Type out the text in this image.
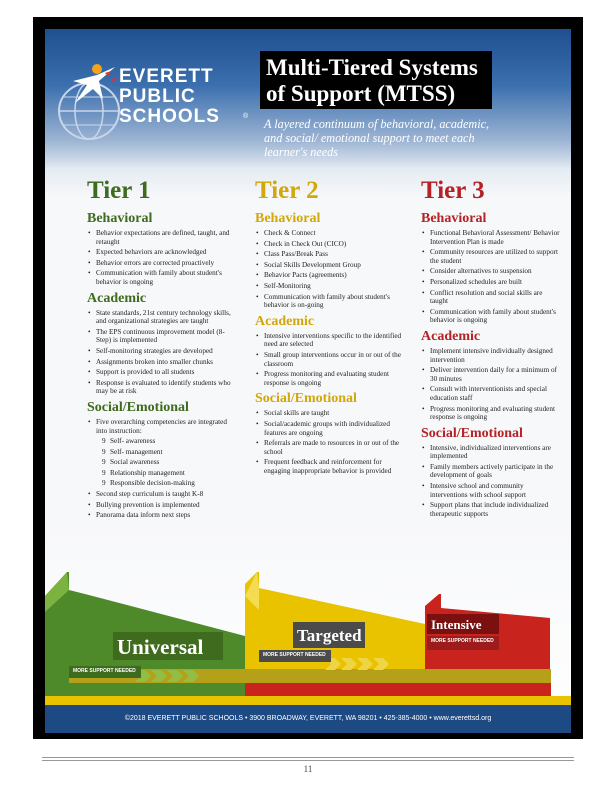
EVERETT
PUBLIC
SCHOOLS	®
Multi-Tiered Systems
of Support (MTSS)
A layered continuum of behavioral, academic, and social/ emotional support to meet each learner's needs
Tier 1
Behavioral
• Behavior expectations are defined, taught, and retaught
• Expected behaviors are acknowledged
• Behavior errors are corrected proactively
• Communication with family about student's behavior is ongoing
Academic
• State standards, 21st century technology skills, and organizational strategies are taught
• The EPS continuous improvement model (8-Step) is implemented
• Self-monitoring strategies are developed
• Assignments broken into smaller chunks
• Support is provided to all students
• Response is evaluated to identify students who may be at risk
Social/Emotional
• Five overarching competencies are integrated into instruction:
9 Self- awareness
9 Self- management
9 Social awareness
9 Relationship management
9 Responsible decision-making
• Second step curriculum is taught K-8
• Bullying prevention is implemented
• Panorama data inform next steps
Tier 2
Behavioral
• Check & Connect
• Check in Check Out (CICO)
• Class Pass/Break Pass
• Social Skills Development Group
• Behavior Pacts (agreements)
• Self-Monitoring
• Communication with family about student's behavior is on-going
Academic
• Intensive interventions specific to the identified need are selected
• Small group interventions occur in or out of the classroom
• Progress monitoring and evaluating student response is ongoing
Social/Emotional
• Social skills are taught
• Social/academic groups with individualized features are ongoing
• Referrals are made to resources in or out of the school
• Frequent feedback and reinforcement for engaging inappropriate behavior is provided
Tier 3
Behavioral
• Functional Behavioral Assessment/ Behavior Intervention Plan is made
• Community resources are utilized to support the student
• Consider alternatives to suspension
• Personalized schedules are built
• Conflict resolution and social skills are taught
• Communication with family about student's behavior is ongoing
Academic
• Implement intensive individually designed intervention
• Deliver intervention daily for a minimum of 30 minutes
• Consult with interventionists and special education staff
• Progress monitoring and evaluating student response is ongoing
Social/Emotional
• Intensive, individualized interventions are implemented
• Family members actively participate in the development of goals
• Intensive school and community interventions with school support
• Support plans that include individualized therapeutic supports
Universal	Targeted
Intensive
MORE SUPPORT NEEDED
MORE SUPPORT NEEDED
MORE SUPPORT NEEDED
©2018 EVERETT PUBLIC SCHOOLS • 3900 BROADWAY, EVERETT, WA 98201 • 425-385-4000 • www.everettsd.org
11
